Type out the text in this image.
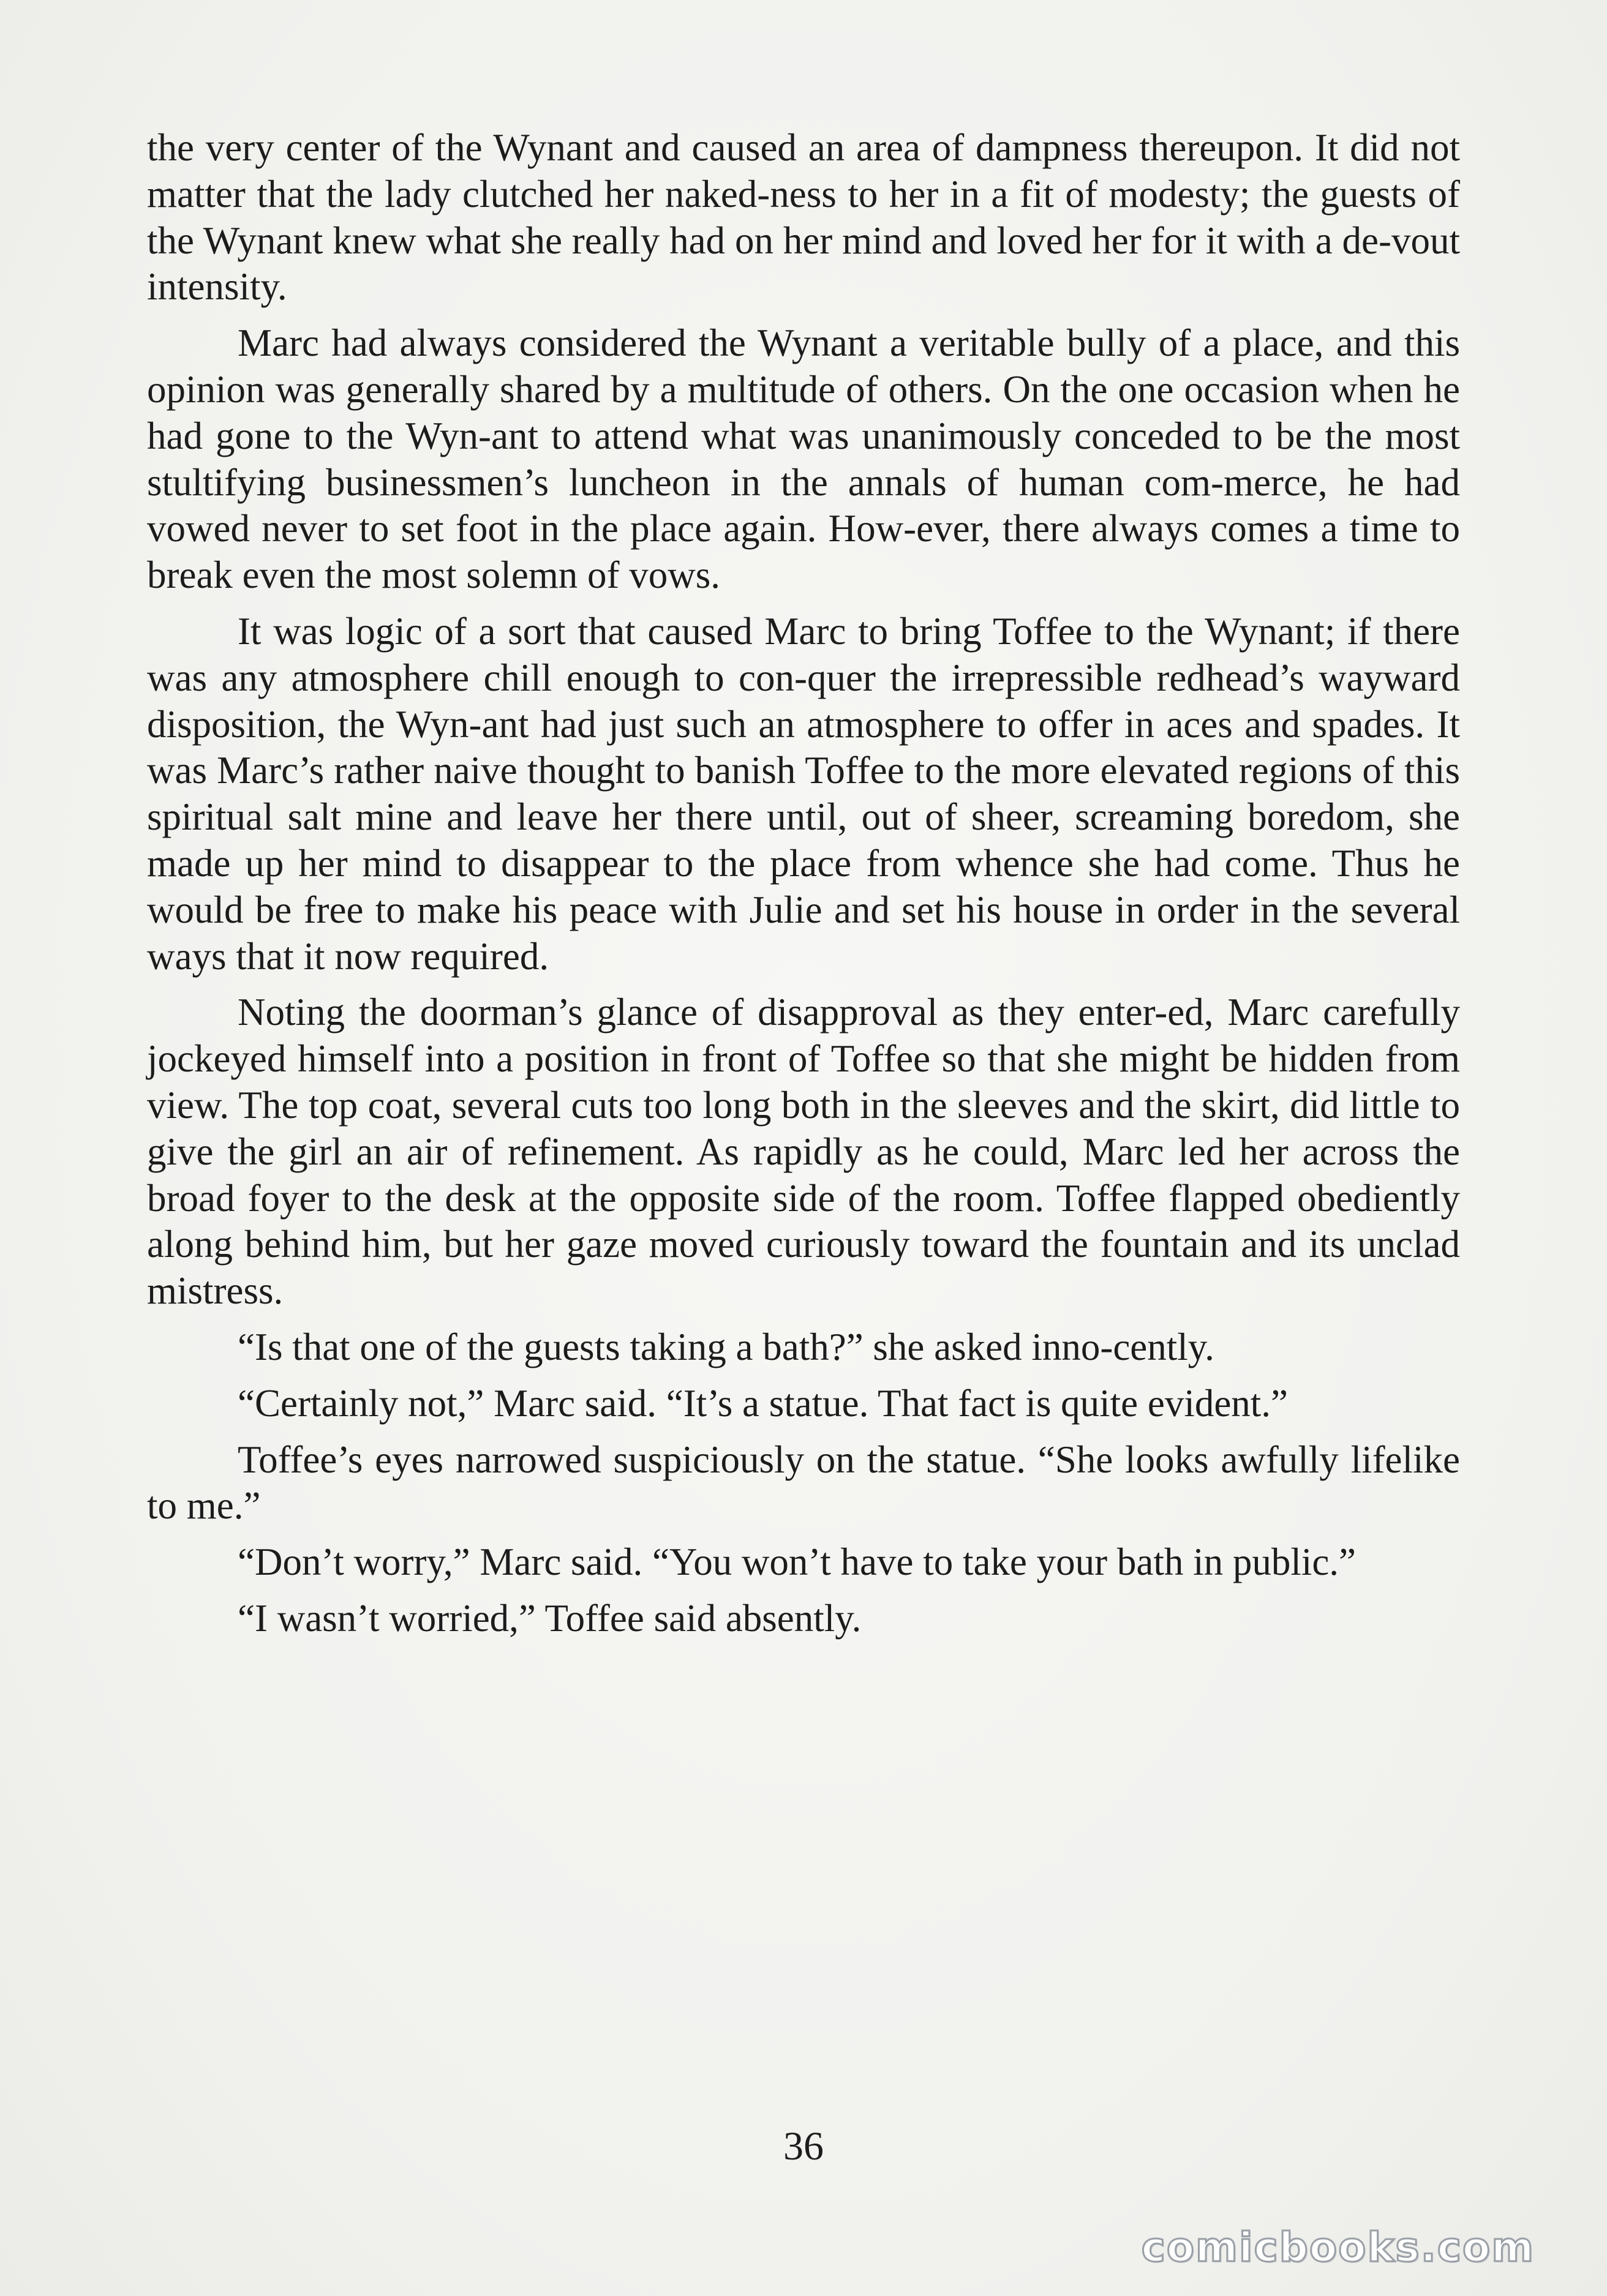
the very center of the Wynant and caused an area of dampness thereupon. It did not matter that the lady clutched her naked-ness to her in a fit of modesty; the guests of the Wynant knew what she really had on her mind and loved her for it with a de-vout intensity.

Marc had always considered the Wynant a veritable bully of a place, and this opinion was generally shared by a multitude of others. On the one occasion when he had gone to the Wyn-ant to attend what was unanimously conceded to be the most stultifying businessmen’s luncheon in the annals of human com-merce, he had vowed never to set foot in the place again. How-ever, there always comes a time to break even the most solemn of vows.

It was logic of a sort that caused Marc to bring Toffee to the Wynant; if there was any atmosphere chill enough to con-quer the irrepressible redhead’s wayward disposition, the Wyn-ant had just such an atmosphere to offer in aces and spades. It was Marc’s rather naive thought to banish Toffee to the more elevated regions of this spiritual salt mine and leave her there until, out of sheer, screaming boredom, she made up her mind to disappear to the place from whence she had come. Thus he would be free to make his peace with Julie and set his house in order in the several ways that it now required.

Noting the doorman’s glance of disapproval as they enter-ed, Marc carefully jockeyed himself into a position in front of Toffee so that she might be hidden from view. The top coat, several cuts too long both in the sleeves and the skirt, did little to give the girl an air of refinement. As rapidly as he could, Marc led her across the broad foyer to the desk at the opposite side of the room. Toffee flapped obediently along behind him, but her gaze moved curiously toward the fountain and its unclad mistress.

“Is that one of the guests taking a bath?” she asked inno-cently.

“Certainly not,” Marc said. “It’s a statue. That fact is quite evident.”

Toffee’s eyes narrowed suspiciously on the statue. “She looks awfully lifelike to me.”

“Don’t worry,” Marc said. “You won’t have to take your bath in public.”

“I wasn’t worried,” Toffee said absently.

36
comicbooks.com
